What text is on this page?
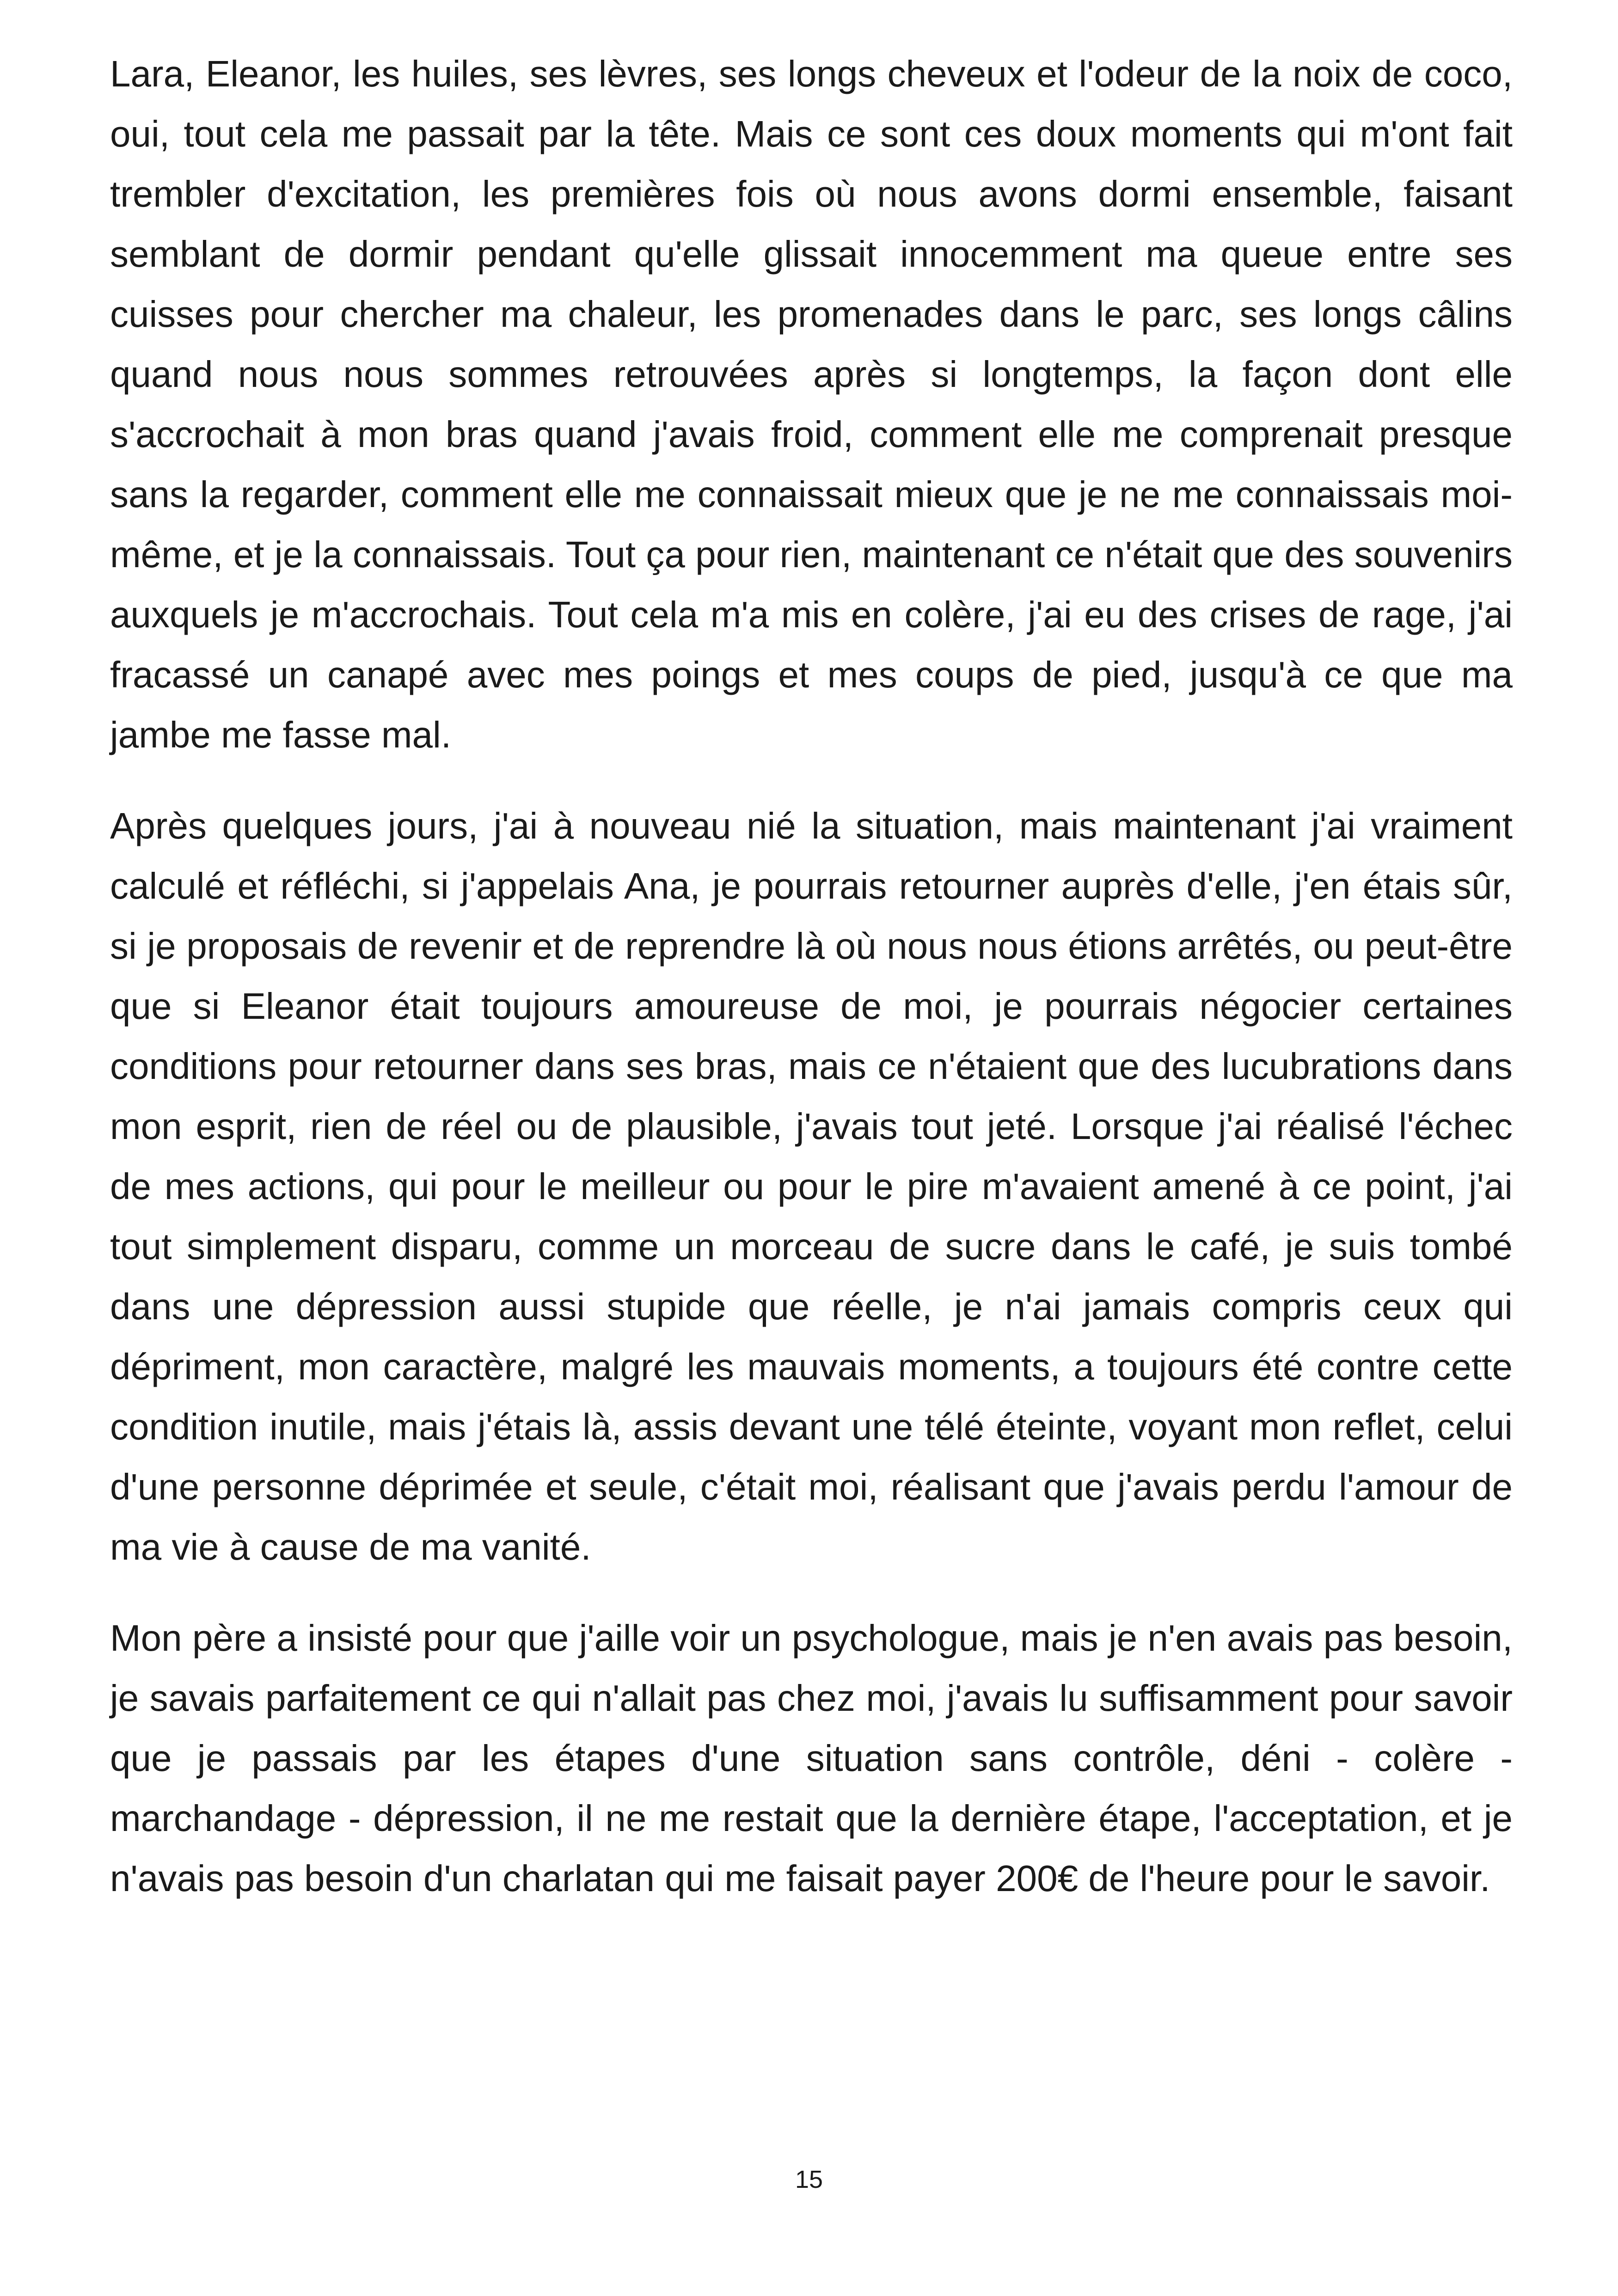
Lara, Eleanor, les huiles, ses lèvres, ses longs cheveux et l'odeur de la noix de coco, oui, tout cela me passait par la tête. Mais ce sont ces doux moments qui m'ont fait trembler d'excitation, les premières fois où nous avons dormi ensemble, faisant semblant de dormir pendant qu'elle glissait innocemment ma queue entre ses cuisses pour chercher ma chaleur, les promenades dans le parc, ses longs câlins quand nous nous sommes retrouvées après si longtemps, la façon dont elle s'accrochait à mon bras quand j'avais froid, comment elle me comprenait presque sans la regarder, comment elle me connaissait mieux que je ne me connaissais moi-même, et je la connaissais. Tout ça pour rien, maintenant ce n'était que des souvenirs auxquels je m'accrochais. Tout cela m'a mis en colère, j'ai eu des crises de rage, j'ai fracassé un canapé avec mes poings et mes coups de pied, jusqu'à ce que ma jambe me fasse mal.

Après quelques jours, j'ai à nouveau nié la situation, mais maintenant j'ai vraiment calculé et réfléchi, si j'appelais Ana, je pourrais retourner auprès d'elle, j'en étais sûr, si je proposais de revenir et de reprendre là où nous nous étions arrêtés, ou peut-être que si Eleanor était toujours amoureuse de moi, je pourrais négocier certaines conditions pour retourner dans ses bras, mais ce n'étaient que des lucubrations dans mon esprit, rien de réel ou de plausible, j'avais tout jeté. Lorsque j'ai réalisé l'échec de mes actions, qui pour le meilleur ou pour le pire m'avaient amené à ce point, j'ai tout simplement disparu, comme un morceau de sucre dans le café, je suis tombé dans une dépression aussi stupide que réelle, je n'ai jamais compris ceux qui dépriment, mon caractère, malgré les mauvais moments, a toujours été contre cette condition inutile, mais j'étais là, assis devant une télé éteinte, voyant mon reflet, celui d'une personne déprimée et seule, c'était moi, réalisant que j'avais perdu l'amour de ma vie à cause de ma vanité.

Mon père a insisté pour que j'aille voir un psychologue, mais je n'en avais pas besoin, je savais parfaitement ce qui n'allait pas chez moi, j'avais lu suffisamment pour savoir que je passais par les étapes d'une situation sans contrôle, déni - colère - marchandage - dépression, il ne me restait que la dernière étape, l'acceptation, et je n'avais pas besoin d'un charlatan qui me faisait payer 200€ de l'heure pour le savoir.

15
